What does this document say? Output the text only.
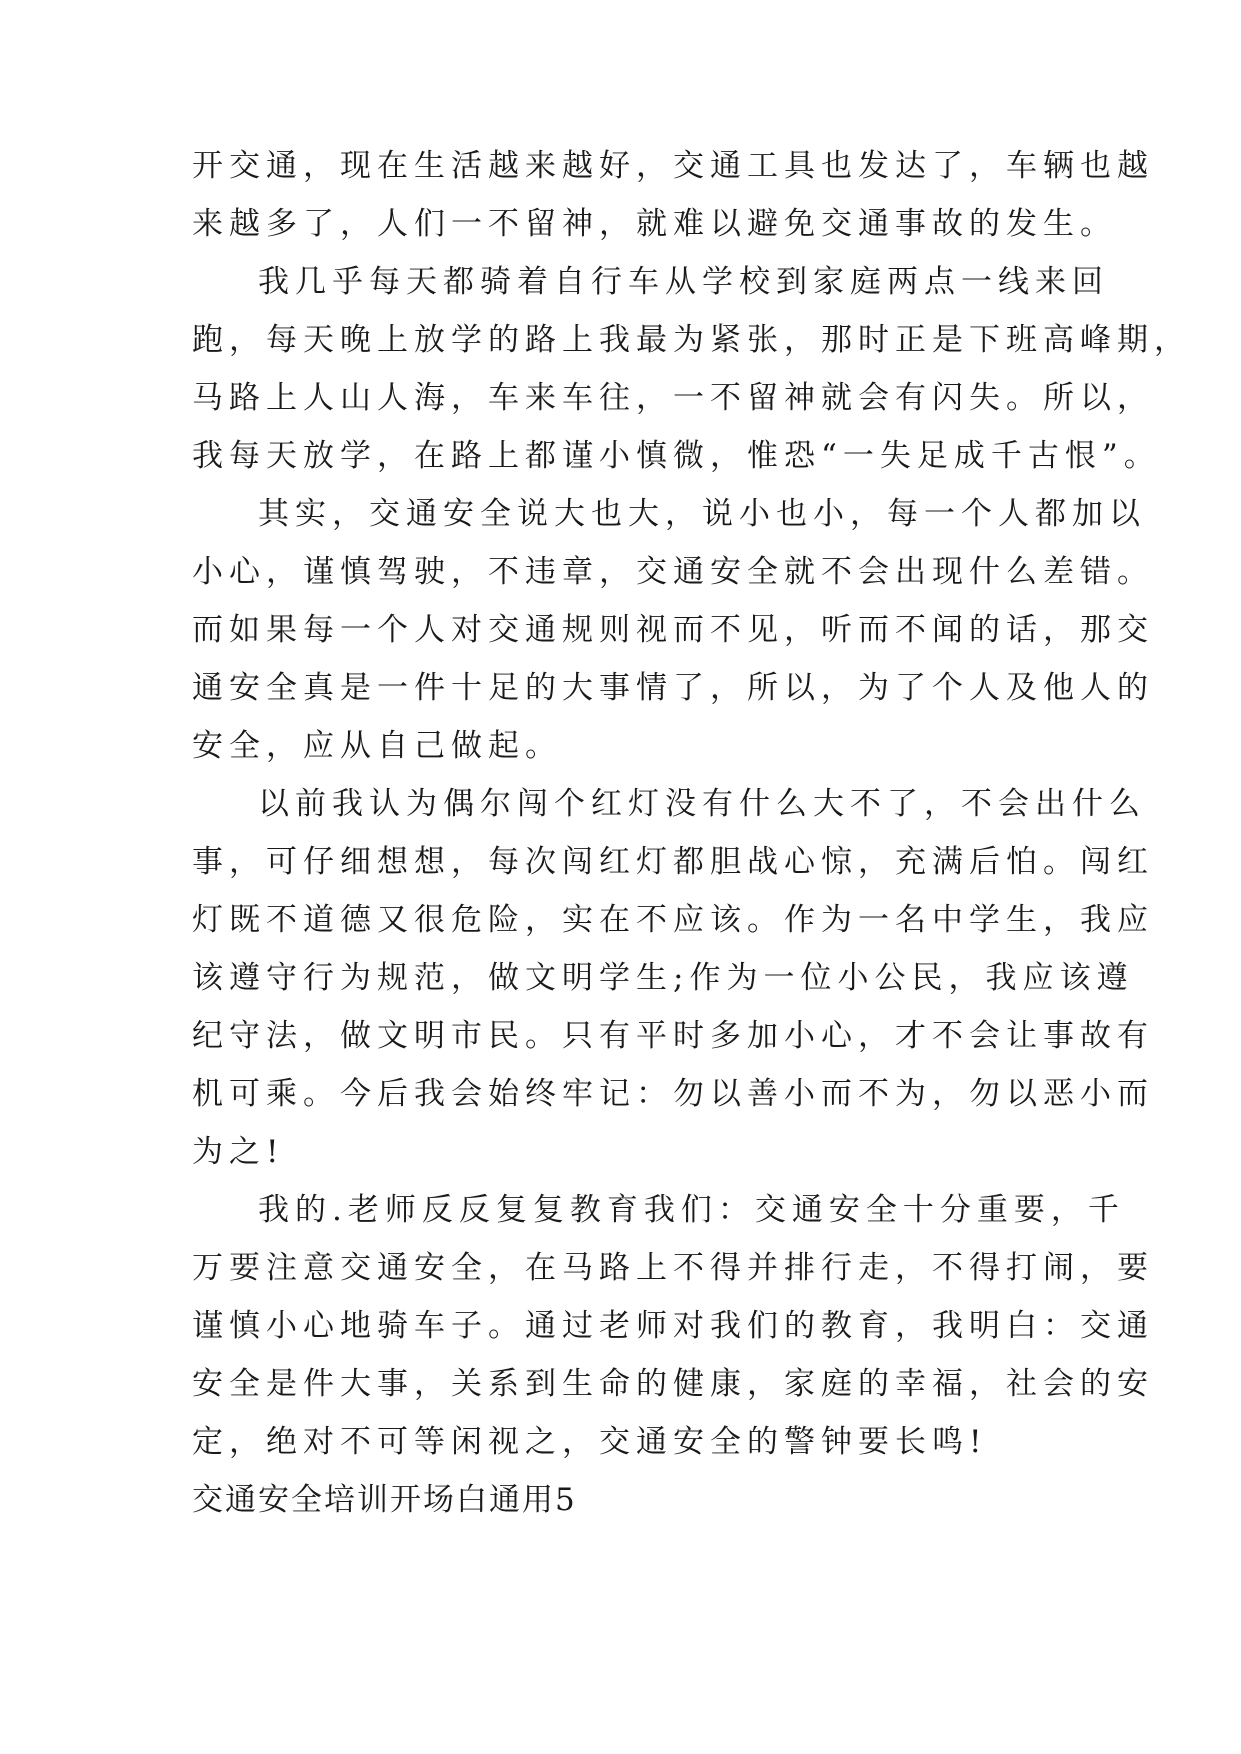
开交通，现在生活越来越好，交通工具也发达了，车辆也越
来越多了，人们一不留神，就难以避免交通事故的发生。
我几乎每天都骑着自行车从学校到家庭两点一线来回
跑，每天晚上放学的路上我最为紧张，那时正是下班高峰期，
马路上人山人海，车来车往，一不留神就会有闪失。所以，
我每天放学，在路上都谨小慎微，惟恐“一失足成千古恨”。
其实，交通安全说大也大，说小也小，每一个人都加以
小心，谨慎驾驶，不违章，交通安全就不会出现什么差错。
而如果每一个人对交通规则视而不见，听而不闻的话，那交
通安全真是一件十足的大事情了，所以，为了个人及他人的
安全，应从自己做起。
以前我认为偶尔闯个红灯没有什么大不了，不会出什么
事，可仔细想想，每次闯红灯都胆战心惊，充满后怕。闯红
灯既不道德又很危险，实在不应该。作为一名中学生，我应
该遵守行为规范，做文明学生;作为一位小公民，我应该遵
纪守法，做文明市民。只有平时多加小心，才不会让事故有
机可乘。今后我会始终牢记：勿以善小而不为，勿以恶小而
为之!
我的.老师反反复复教育我们：交通安全十分重要，千
万要注意交通安全，在马路上不得并排行走，不得打闹，要
谨慎小心地骑车子。通过老师对我们的教育，我明白：交通
安全是件大事，关系到生命的健康，家庭的幸福，社会的安
定，绝对不可等闲视之，交通安全的警钟要长鸣!
交通安全培训开场白通用5
